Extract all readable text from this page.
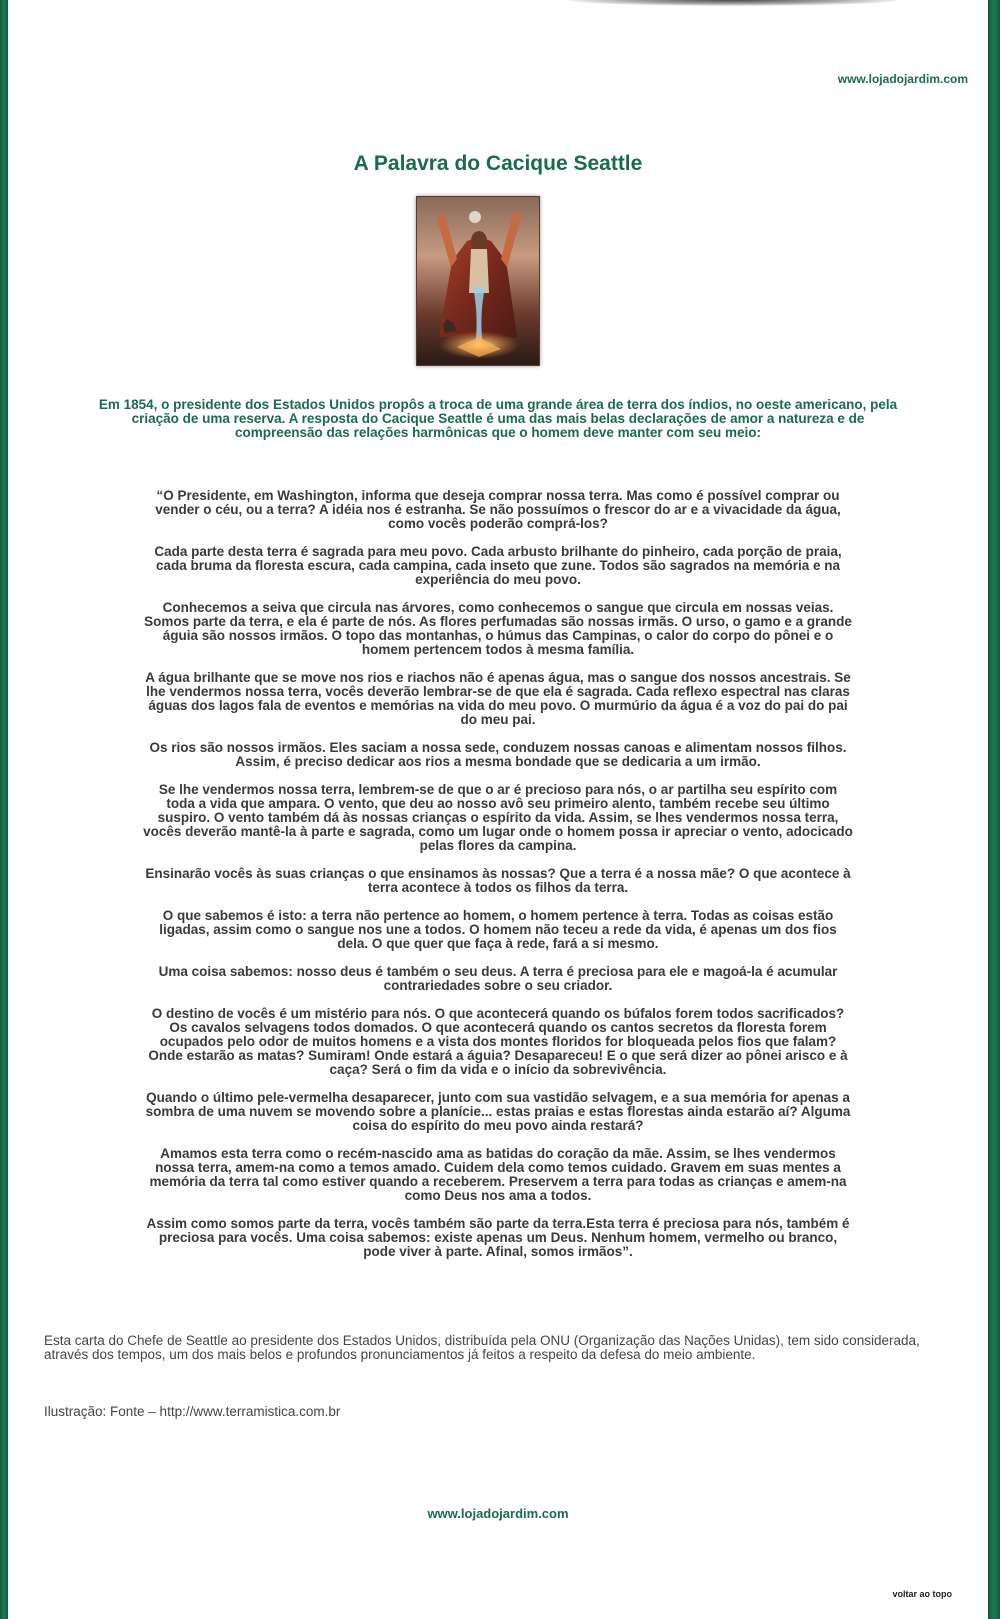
www.lojadojardim.com
A Palavra do Cacique Seattle

Em 1854, o presidente dos Estados Unidos propôs a troca de uma grande área de terra dos índios, no oeste americano, pela criação de uma reserva. A resposta do Cacique Seattle é uma das mais belas declarações de amor a natureza e de compreensão das relações harmônicas que o homem deve manter com seu meio:

“O Presidente, em Washington, informa que deseja comprar nossa terra. Mas como é possível comprar ou vender o céu, ou a terra? A idéia nos é estranha. Se não possuímos o frescor do ar e a vivacidade da água, como vocês poderão comprá-los?

Cada parte desta terra é sagrada para meu povo. Cada arbusto brilhante do pinheiro, cada porção de praia, cada bruma da floresta escura, cada campina, cada inseto que zune. Todos são sagrados na memória e na experiência do meu povo.

Conhecemos a seiva que circula nas árvores, como conhecemos o sangue que circula em nossas veias. Somos parte da terra, e ela é parte de nós. As flores perfumadas são nossas irmãs. O urso, o gamo e a grande águia são nossos irmãos. O topo das montanhas, o húmus das Campinas, o calor do corpo do pônei e o homem pertencem todos à mesma família.

A água brilhante que se move nos rios e riachos não é apenas água, mas o sangue dos nossos ancestrais. Se lhe vendermos nossa terra, vocês deverão lembrar-se de que ela é sagrada. Cada reflexo espectral nas claras águas dos lagos fala de eventos e memórias na vida do meu povo. O murmúrio da água é a voz do pai do pai do meu pai.

Os rios são nossos irmãos. Eles saciam a nossa sede, conduzem nossas canoas e alimentam nossos filhos. Assim, é preciso dedicar aos rios a mesma bondade que se dedicaria a um irmão.

Se lhe vendermos nossa terra, lembrem-se de que o ar é precioso para nós, o ar partilha seu espírito com toda a vida que ampara. O vento, que deu ao nosso avô seu primeiro alento, também recebe seu último suspiro. O vento também dá às nossas crianças o espírito da vida. Assim, se lhes vendermos nossa terra, vocês deverão mantê-la à parte e sagrada, como um lugar onde o homem possa ir apreciar o vento, adocicado pelas flores da campina.

Ensinarão vocês às suas crianças o que ensinamos às nossas? Que a terra é a nossa mãe? O que acontece à terra acontece à todos os filhos da terra.

O que sabemos é isto: a terra não pertence ao homem, o homem pertence à terra. Todas as coisas estão ligadas, assim como o sangue nos une a todos. O homem não teceu a rede da vida, é apenas um dos fios dela. O que quer que faça à rede, fará a si mesmo.

Uma coisa sabemos: nosso deus é também o seu deus. A terra é preciosa para ele e magoá-la é acumular contrariedades sobre o seu criador.

O destino de vocês é um mistério para nós. O que acontecerá quando os búfalos forem todos sacrificados? Os cavalos selvagens todos domados. O que acontecerá quando os cantos secretos da floresta forem ocupados pelo odor de muitos homens e a vista dos montes floridos for bloqueada pelos fios que falam? Onde estarão as matas? Sumiram! Onde estará a águia? Desapareceu! E o que será dizer ao pônei arisco e à caça? Será o fim da vida e o início da sobrevivência.

Quando o último pele-vermelha desaparecer, junto com sua vastidão selvagem, e a sua memória for apenas a sombra de uma nuvem se movendo sobre a planície... estas praias e estas florestas ainda estarão aí? Alguma coisa do espírito do meu povo ainda restará?

Amamos esta terra como o recém-nascido ama as batidas do coração da mãe. Assim, se lhes vendermos nossa terra, amem-na como a temos amado. Cuidem dela como temos cuidado. Gravem em suas mentes a memória da terra tal como estiver quando a receberem. Preservem a terra para todas as crianças e amem-na como Deus nos ama a todos.

Assim como somos parte da terra, vocês também são parte da terra.Esta terra é preciosa para nós, também é preciosa para vocês. Uma coisa sabemos: existe apenas um Deus. Nenhum homem, vermelho ou branco, pode viver à parte. Afinal, somos irmãos”.

Esta carta do Chefe de Seattle ao presidente dos Estados Unidos, distribuída pela ONU (Organização das Nações Unidas), tem sido considerada, através dos tempos, um dos mais belos e profundos pronunciamentos já feitos a respeito da defesa do meio ambiente.

Ilustração: Fonte – http://www.terramistica.com.br

www.lojadojardim.com
voltar ao topo
